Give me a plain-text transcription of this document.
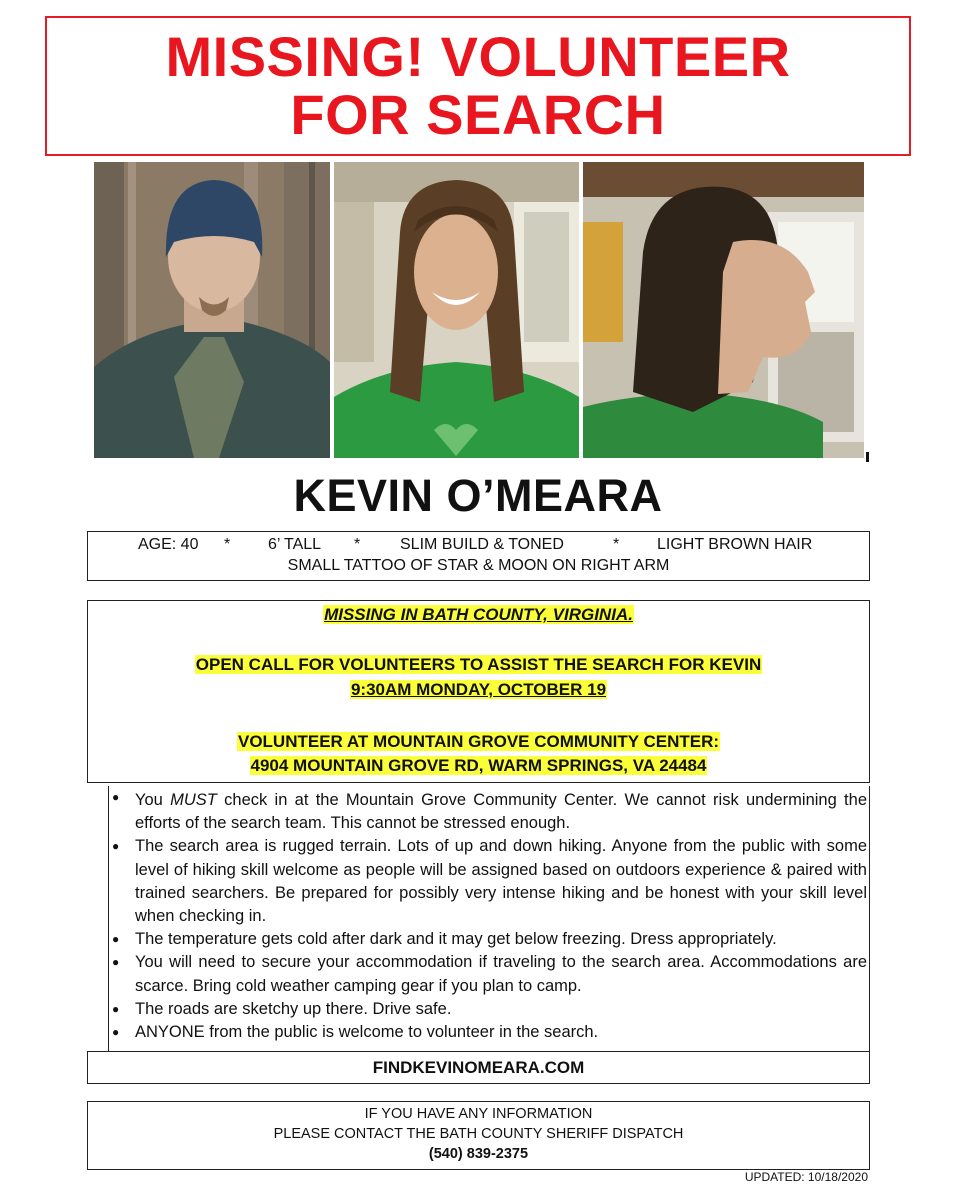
MISSING! VOLUNTEER
FOR SEARCH
KEVIN O’MEARA
AGE: 40 * 6’ TALL * SLIM BUILD & TONED	* LIGHT BROWN HAIR
SMALL TATTOO OF STAR & MOON ON RIGHT ARM
MISSING IN BATH COUNTY, VIRGINIA.
OPEN CALL FOR VOLUNTEERS TO ASSIST THE SEARCH FOR KEVIN
9:30AM MONDAY, OCTOBER 19
VOLUNTEER AT MOUNTAIN GROVE COMMUNITY CENTER:
4904 MOUNTAIN GROVE RD, WARM SPRINGS, VA 24484
● You MUST check in at the Mountain Grove Community Center. We cannot risk undermining the efforts of the search team. This cannot be stressed enough.
● The search area is rugged terrain. Lots of up and down hiking. Anyone from the public with some level of hiking skill welcome as people will be assigned based on outdoors experience & paired with trained searchers. Be prepared for possibly very intense hiking and be honest with your skill level when checking in.
● The temperature gets cold after dark and it may get below freezing. Dress appropriately.
● You will need to secure your accommodation if traveling to the search area. Accommodations are scarce. Bring cold weather camping gear if you plan to camp.
● The roads are sketchy up there. Drive safe.
● ANYONE from the public is welcome to volunteer in the search.
FINDKEVINOMEARA.COM
IF YOU HAVE ANY INFORMATION
PLEASE CONTACT THE BATH COUNTY SHERIFF DISPATCH
(540) 839-2375
UPDATED: 10/18/2020
